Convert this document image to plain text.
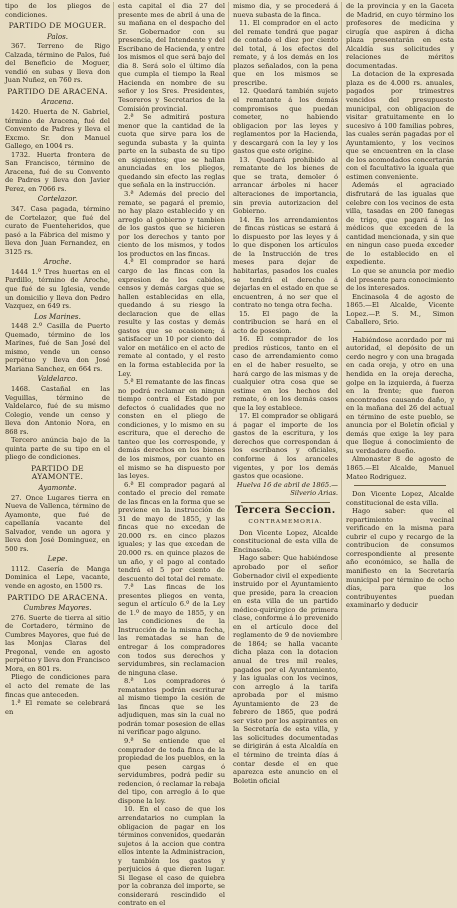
tipo de los pliegos de condiciones.

PARTIDO DE MOGUER.

Palos.

367. Terreno de Rigo Calzada, término de Palos, fué del Beneficio de Moguer, vendió en subas y lleva don Juan Nuñez, en 760 rs.

PARTIDO DE ARACENA.

Aracena.

1420. Huerta de N. Gabriel, término de Aracena, fué del Convento de Padres y lleva el Excmo. Sr. don Manuel Gallego, en 1004 rs.

1732. Huerta frontera de San Francisco, término de Aracena, fué de su Convento de Padres y lleva don Javier Perez, en 7066 rs.

Cortelazor.

347. Casa pagada, término de Cortelazor, que fué del curato de Fuenteheridos, que pasó a la Fábrica del mismo y lleva don Juan Fernandez, en 3125 rs.

Aroche.

1444 1.º Tres huertas en el Pardillo, término de Aroche, que fué de su Iglesia, vende un domicilio y lleva don Pedro Vazquez, en 649 rs.

Los Marines.

1448 2.º Casilla de Puerto Quemado, término de los Marines, fué de San José del mismo, vende un censo perpétuo y lleva don José Mariana Sanchez, en 664 rs.

Valdelarco.

1468. Castañal en las Veguillas, término de Valdelarco, fué de su mismo Colegio, vende un censo y lleva don Antonio Nora, en 868 rs.

Tercero anúncia bajo de la quinta parte de su tipo en el pliego de condiciones.

PARTIDO DE AYAMONTE.

Ayamonte.

27. Once Lugares tierra en Nueva de Vallenca, término de Ayamonte, que fué de capellanía vacante del Salvador, vende un agora y lleva don José Dominguez, en 500 rs.

Lepe.

1112. Casería de Manga Dominica el Lepe, vacante, vende en agosto, en 1500 rs.

PARTIDO DE ARACENA.

Cumbres Mayores.

276. Suerte de tierra al sitio de Cortadero, término de Cumbres Mayores, que fué de las Monjas Claras del Pregonal, vende en agosto perpétuo y lleva don Francisco Mora, en 801 rs.

Pliego de condiciones para el acto del remate de las fincas que anteceden.

1.ª El remate se celebrará en

esta capital el dia 27 del presente mes de abril á una de su mañana en el despacho del Sr. Gobernador con su presencia, del Intendente y del Escribano de Hacienda, y entre los mismos el que será bajo del dia 8. Será solo el último día que cumpla el tiempo la Real Hacienda en nombre de su señor y los Sres. Presidentes, Tesoreros y Secretarios de la Comisión provincial.

2.ª Se admitirá postura menor que la cantidad de la cuota que sirve para los de segunda subasta y la quinta parte en la subasta de su tipo en siguientes; que se hallan anunciadas en los pliegos, quedando sin efecto las reglas que señala en la instrucción.

3.ª Además del precio del remate, se pagará el premio, no hay plazo establecido y en arreglo al gobierno y tambien de los gastos que se hicieren por los derechos y tanto por ciento de los mismos, y todos los productos en las fincas.

4.ª El comprador se hará cargo de las fincas con la expresion de los cabidos, censos y demás cargas que se hallen establecidas en ella, quedando á su riesgo la declaracion que de ellas resulte y las costas y demás gastos que se ocasionen; á satisfacer un 10 por ciento del valor en metálico en el acto de remate al contado, y el resto en la forma establecida por la Ley.

5.ª El rematante de las fincas no podrá reclamar en ningun tiempo contra el Estado por defectos ó cualidades que no consten en el pliego de condiciones, y lo mismo en su escritura, que el derecho de tanteo que les corresponde, y demás derechos en los bienes de los mismos, por cuanto en el mismo se ha dispuesto por las leyes.

6.ª El comprador pagará al contado el precio del remate de las fincas en la forma que se previene en la instrucción de 31 de mayo de 1855, y las fincas que no excedan de 20.000 rs. en cinco plazos iguales; y las que excedan de 20.000 rs. en quince plazos de un año, y el pago al contado tendrá el 5 por ciento de descuento del total del remate.

7.ª Las fincas de los presentes pliegos en venta, segun el artículo 6.º de la Ley de 1.º de mayo de 1855, y en las condiciones de la Instrucción de la misma fecha, las rematadas se han de entregar á los compradores con todos sus derechos y servidumbres, sin reclamacion de ninguna clase.

8.ª Los compradores ó rematantes podrán escriturar al mismo tiempo la cesión de las fincas que se les adjudiquen, mas sin la cual no podrán tomar posesion de ellas ni verificar pago alguno.

9.ª Se entiende que el comprador de toda finca de la propiedad de los pueblos, en la que pesen cargas ó servidumbres, podrá pedir su redencion, ó reclamar la rebaja del tipo, con arreglo á lo que dispone la ley.

10. En el caso de que los arrendatarios no cumplan la obligacion de pagar en los términos convenidos, quedarán sujetos á la accion que contra ellos intente la Administracion, y también los gastos y perjuicios á que dieren lugar. Si llegase el caso de quiebra por la cobranza del importe, se considerará rescindido el contrato en el

mismo dia, y se procederá á nueva subasta de la finca.

11. El comprador en el acto del remate tendrá que pagar de contado el diez por ciento del total, á los efectos del remate, y á los demás en los plazos señalados, con la pena que en los mismos se prescribe.

12. Quedará también sujeto el rematante á los demás compromisos que puedan cometer, no habiendo obligacion por las leyes y reglamentos por la Hacienda, y descargará con la ley y los gastos que este origine.

13. Quedará prohibido al rematante de los bienes de que se trata, demoler ó arrancar árboles ni hacer alteraciones de importancia, sin previa autorizacion del Gobierno.

14. En los arrendamientos de fincas rústicas se estará á lo dispuesto por las leyes y á lo que disponen los artículos de la Instrucción de tres meses para dejar de habitarlas, pasados los cuales se tendrá el derecho á dejarlas en el estado en que se encuentren, á no ser que el contrato no tenga otra fecha.

15. El pago de la contribucion se hará en el acto de posesion.

16. El comprador de los predios rústicos, tanto en el caso de arrendamiento como en el de haber resuelto, se hará cargo de las mismas y de cualquier otra cosa que se estime en los hechos del remate, ó en los demás casos que la ley establece.

17. El comprador se obligará á pagar el importe de los gastos de la escritura, y los derechos que correspondan á los escribanos y oficiales, conforme á los aranceles vigentes, y por los demás gastos que ocasione.

Huelva 16 de abril de 1865.—Silverio Arias.

Tercera Seccion.

CONTRAMEMORIA.

Don Vicente Lopez, Alcalde constitucional de esta villa de Encinasola.

Hago saber: Que habiéndose aprobado por el señor Gobernador civil el expediente instruido por el Ayuntamiento que preside, para la creacion en esta villa de un partido médico-quirúrgico de primera clase, conforme á lo prevenido en el artículo doce del reglamento de 9 de noviembre de 1864; se halla vacante dicha plaza con la dotacion anual de tres mil reales, pagados por el Ayuntamiento, y las igualas con los vecinos, con arreglo á la tarifa aprobada por el mismo Ayuntamiento de 23 de febrero de 1865, que podrá ser visto por los aspirantes en la Secretaría de esta villa, y las solicitudes documentadas se dirigirán á esta Alcaldía en el término de treinta días á contar desde el en que aparezca este anuncio en el Boletin oficial

de la provincia y en la Gaceta de Madrid, en cuyo término los profesores de medicina y cirugía que aspiren á dicha plaza presentarán en esta Alcaldía sus solicitudes y relaciones de méritos documentadas.

La dotacion de la expresada plaza es de 4.000 rs. anuales, pagados por trimestres vencidos del presupuesto municipal, con obligacion de visitar gratuitamente en lo sucesivo á 100 familias pobres, las cuales serán pagadas por el Ayuntamiento, y los vecinos que se encuentren en la clase de los acomodados concertarán con el facultativo la iguala que estimen conveniente.

Además el agraciado disfrutará de las igualas que celebre con los vecinos de esta villa, tasadas en 200 fanegas de trigo, que pagará á los médicos que exceden de la cantidad mencionada, y sin que en ningun caso pueda exceder de lo establecido en el expediente.

Lo que se anuncia por medio del presente para conocimiento de los interesados.

Encinasola 4 de agosto de 1865.—El Alcalde, Vicente Lopez.—P. S. M., Simon Caballero, Srio.

Habiéndose acordado por mi autoridad, el depósito de un cerdo negro y con una bragada en cada oreja, y otro en una hendida en la oreja derecha, golpe en la izquierda, á fuerza en la frente; que fueron encontrados causando daño, y en la mañana del 26 del actual en término de este pueblo, se anuncia por el Boletin oficial y demás que exige la ley para que llegue á conocimiento de su verdadero dueño.

Almonaster 8 de agosto de 1865.—El Alcalde, Manuel Mateo Rodriguez.

Don Vicente Lopez, Alcalde constitucional de esta villa.

Hago saber: que el repartimiento vecinal verificado en la misma para cubrir el cupo y recargo de la contribucion de consumos correspondiente al presente año económico, se halla de manifiesto en la Secretaría municipal por término de ocho días, para que los contribuyentes puedan examinarlo y deducir
